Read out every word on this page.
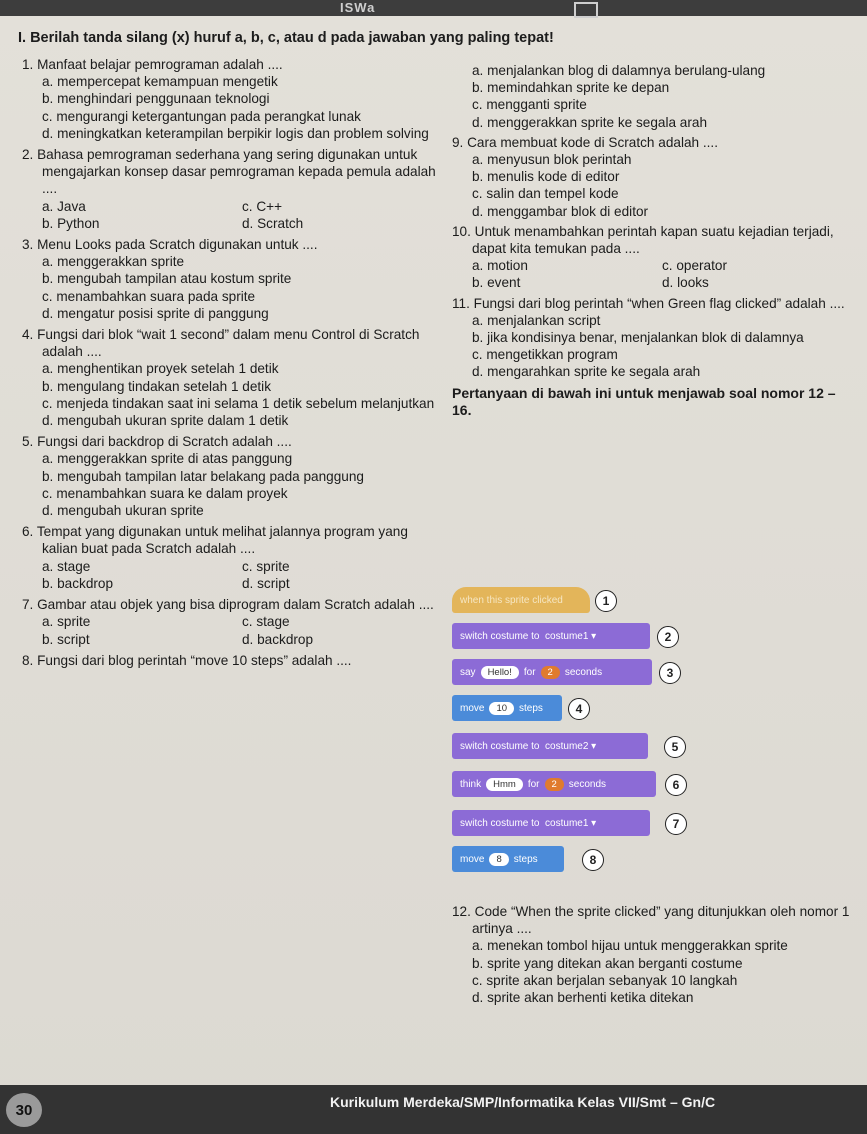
ISWa
I. Berilah tanda silang (x) huruf a, b, c, atau d pada jawaban yang paling tepat!
1. Manfaat belajar pemrograman adalah ....
a. mempercepat kemampuan mengetik
b. menghindari penggunaan teknologi
c. mengurangi ketergantungan pada perangkat lunak
d. meningkatkan keterampilan berpikir logis dan problem solving
2. Bahasa pemrograman sederhana yang sering digunakan untuk mengajarkan konsep dasar pemrograman kepada pemula adalah ....
a. Java	c. C++
b. Python	d. Scratch
3. Menu Looks pada Scratch digunakan untuk ....
a. menggerakkan sprite
b. mengubah tampilan atau kostum sprite
c. menambahkan suara pada sprite
d. mengatur posisi sprite di panggung
4. Fungsi dari blok “wait 1 second” dalam menu Control di Scratch adalah ....
a. menghentikan proyek setelah 1 detik
b. mengulang tindakan setelah 1 detik
c. menjeda tindakan saat ini selama 1 detik sebelum melanjutkan
d. mengubah ukuran sprite dalam 1 detik
5. Fungsi dari backdrop di Scratch adalah ....
a. menggerakkan sprite di atas panggung
b. mengubah tampilan latar belakang pada panggung
c. menambahkan suara ke dalam proyek
d. mengubah ukuran sprite
6. Tempat yang digunakan untuk melihat jalannya program yang kalian buat pada Scratch adalah ....
a. stage	c. sprite
b. backdrop	d. script
7. Gambar atau objek yang bisa diprogram dalam Scratch adalah ....
a. sprite	c. stage
b. script	d. backdrop
8. Fungsi dari blog perintah “move 10 steps” adalah ....
a. menjalankan blog di dalamnya berulang-ulang
b. memindahkan sprite ke depan
c. mengganti sprite
d. menggerakkan sprite ke segala arah
9. Cara membuat kode di Scratch adalah ....
a. menyusun blok perintah
b. menulis kode di editor
c. salin dan tempel kode
d. menggambar blok di editor
10. Untuk menambahkan perintah kapan suatu kejadian terjadi, dapat kita temukan pada ....
a. motion	c. operator
b. event	d. looks
11. Fungsi dari blog perintah “when Green flag clicked” adalah ....
a. menjalankan script
b. jika kondisinya benar, menjalankan blok di dalamnya
c. mengetikkan program
d. mengarahkan sprite ke segala arah
Pertanyaan di bawah ini untuk menjawab soal nomor 12 – 16.
when this sprite clicked	1
switch costume to
costume1 ▾	2
say	Hello!	for	2	seconds	3
move	10	steps	4
switch costume to
costume2 ▾	5
think	Hmm	for	2	seconds	6
switch costume to
costume1 ▾	7
move	8	steps	8
12. Code “When the sprite clicked” yang ditunjukkan oleh nomor 1 artinya ....
a. menekan tombol hijau untuk menggerakkan sprite
b. sprite yang ditekan akan berganti costume
c. sprite akan berjalan sebanyak 10 langkah
d. sprite akan berhenti ketika ditekan
30	Kurikulum Merdeka/SMP/Informatika Kelas VII/Smt – Gn/C
